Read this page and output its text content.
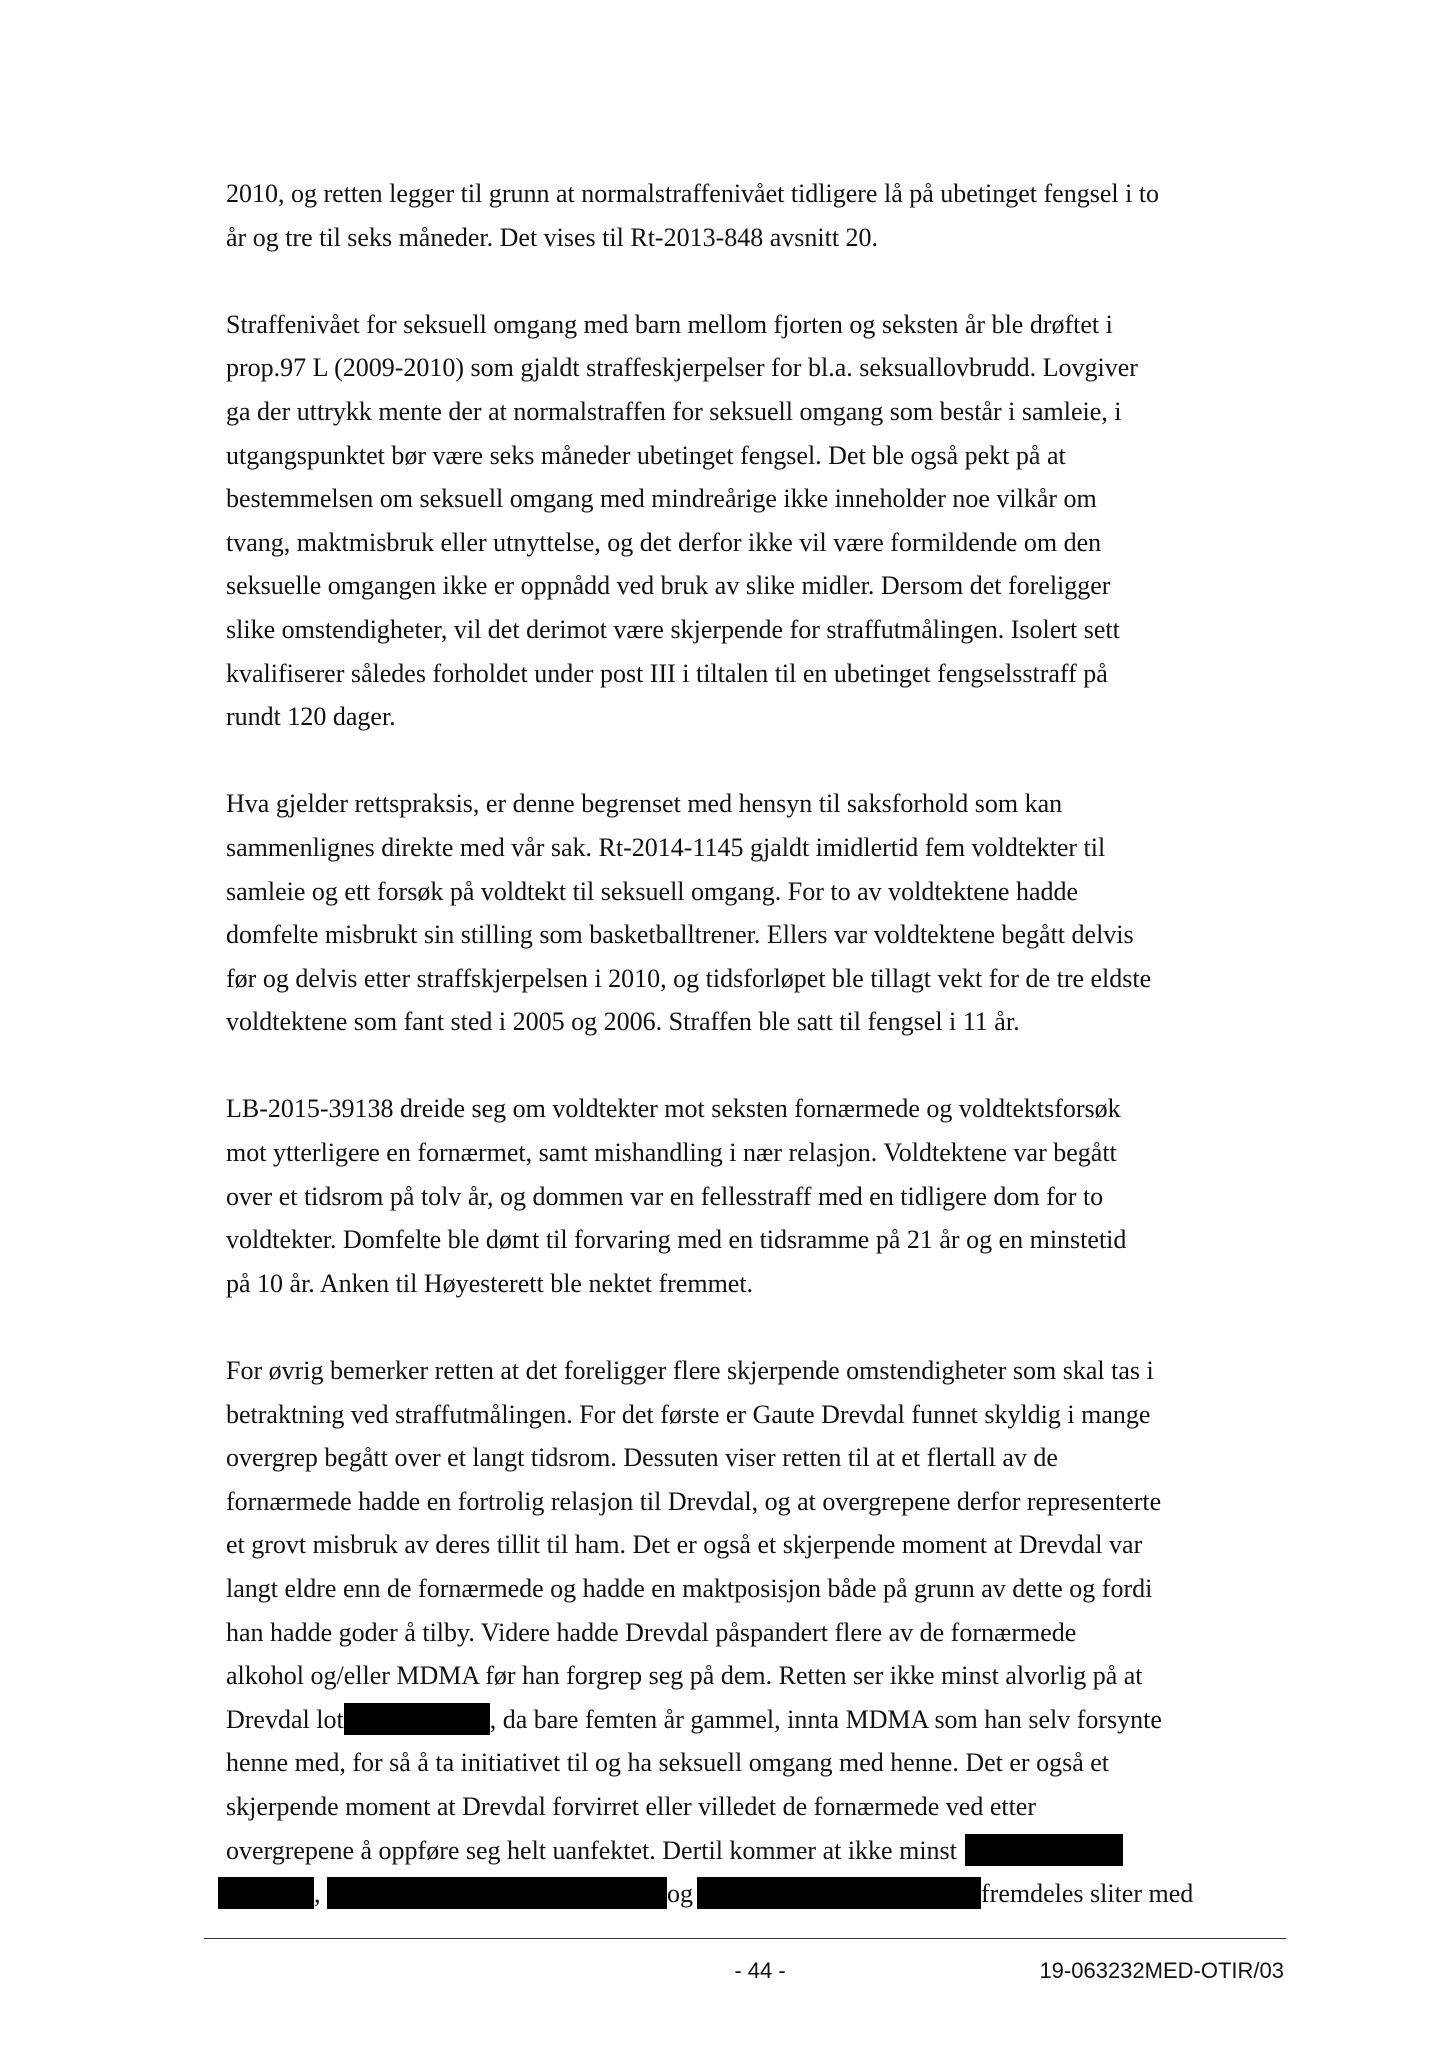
2010, og retten legger til grunn at normalstraffenivået tidligere lå på ubetinget fengsel i to
år og tre til seks måneder. Det vises til Rt-2013-848 avsnitt 20.

Straffenivået for seksuell omgang med barn mellom fjorten og seksten år ble drøftet i
prop.97 L (2009-2010) som gjaldt straffeskjerpelser for bl.a. seksuallovbrudd. Lovgiver
ga der uttrykk mente der at normalstraffen for seksuell omgang som består i samleie, i
utgangspunktet bør være seks måneder ubetinget fengsel. Det ble også pekt på at
bestemmelsen om seksuell omgang med mindreårige ikke inneholder noe vilkår om
tvang, maktmisbruk eller utnyttelse, og det derfor ikke vil være formildende om den
seksuelle omgangen ikke er oppnådd ved bruk av slike midler. Dersom det foreligger
slike omstendigheter, vil det derimot være skjerpende for straffutmålingen. Isolert sett
kvalifiserer således forholdet under post III i tiltalen til en ubetinget fengselsstraff på
rundt 120 dager.

Hva gjelder rettspraksis, er denne begrenset med hensyn til saksforhold som kan
sammenlignes direkte med vår sak. Rt-2014-1145 gjaldt imidlertid fem voldtekter til
samleie og ett forsøk på voldtekt til seksuell omgang. For to av voldtektene hadde
domfelte misbrukt sin stilling som basketballtrener. Ellers var voldtektene begått delvis
før og delvis etter straffskjerpelsen i 2010, og tidsforløpet ble tillagt vekt for de tre eldste
voldtektene som fant sted i 2005 og 2006. Straffen ble satt til fengsel i 11 år.

LB-2015-39138 dreide seg om voldtekter mot seksten fornærmede og voldtektsforsøk
mot ytterligere en fornærmet, samt mishandling i nær relasjon. Voldtektene var begått
over et tidsrom på tolv år, og dommen var en fellesstraff med en tidligere dom for to
voldtekter. Domfelte ble dømt til forvaring med en tidsramme på 21 år og en minstetid
på 10 år. Anken til Høyesterett ble nektet fremmet.

For øvrig bemerker retten at det foreligger flere skjerpende omstendigheter som skal tas i
betraktning ved straffutmålingen. For det første er Gaute Drevdal funnet skyldig i mange
overgrep begått over et langt tidsrom. Dessuten viser retten til at et flertall av de
fornærmede hadde en fortrolig relasjon til Drevdal, og at overgrepene derfor representerte
et grovt misbruk av deres tillit til ham. Det er også et skjerpende moment at Drevdal var
langt eldre enn de fornærmede og hadde en maktposisjon både på grunn av dette og fordi
han hadde goder å tilby. Videre hadde Drevdal påspandert flere av de fornærmede
alkohol og/eller MDMA før han forgrep seg på dem. Retten ser ikke minst alvorlig på at
Drevdal lot	, da bare femten år gammel, innta MDMA som han selv forsynte
henne med, for så å ta initiativet til og ha seksuell omgang med henne. Det er også et
skjerpende moment at Drevdal forvirret eller villedet de fornærmede ved etter
overgrepene å oppføre seg helt uanfektet. Dertil kommer at ikke minst
,	og	fremdeles sliter med

- 44 -	19-063232MED-OTIR/03
